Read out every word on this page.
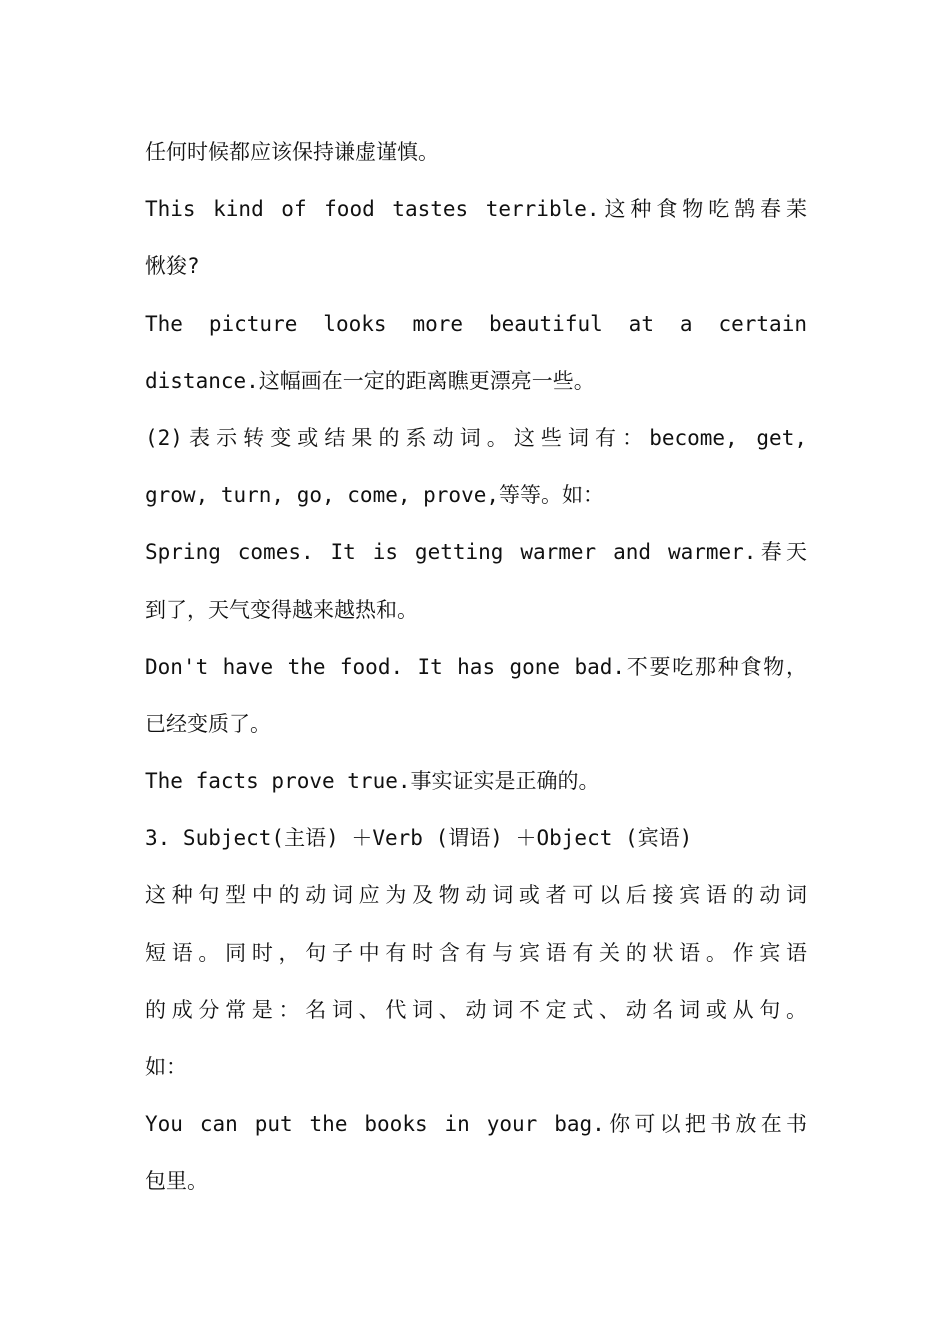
任何时候都应该保持谦虚谨慎。
This kind of food tastes terrible.这种食物吃鹄春苿
愀狻?
The picture looks more beautiful at a certain
distance.这幅画在一定的距离瞧更漂亮一些。
(2)表示转变或结果的系动词。这些词有：become, get,
grow, turn, go, come, prove,等等。如：
Spring comes. It is getting warmer and warmer.春天
到了，天气变得越来越热和。
Don't have the food. It has gone bad.不要吃那种食物，
已经变质了。
The facts prove true.事实证实是正确的。
3. Subject(主语) ＋Verb (谓语) ＋Object (宾语)
这种句型中的动词应为及物动词或者可以后接宾语的动词
短语。同时，句子中有时含有与宾语有关的状语。作宾语
的成分常是：名词、代词、动词不定式、动名词或从句。
如：
You can put the books in your bag.你可以把书放在书
包里。
